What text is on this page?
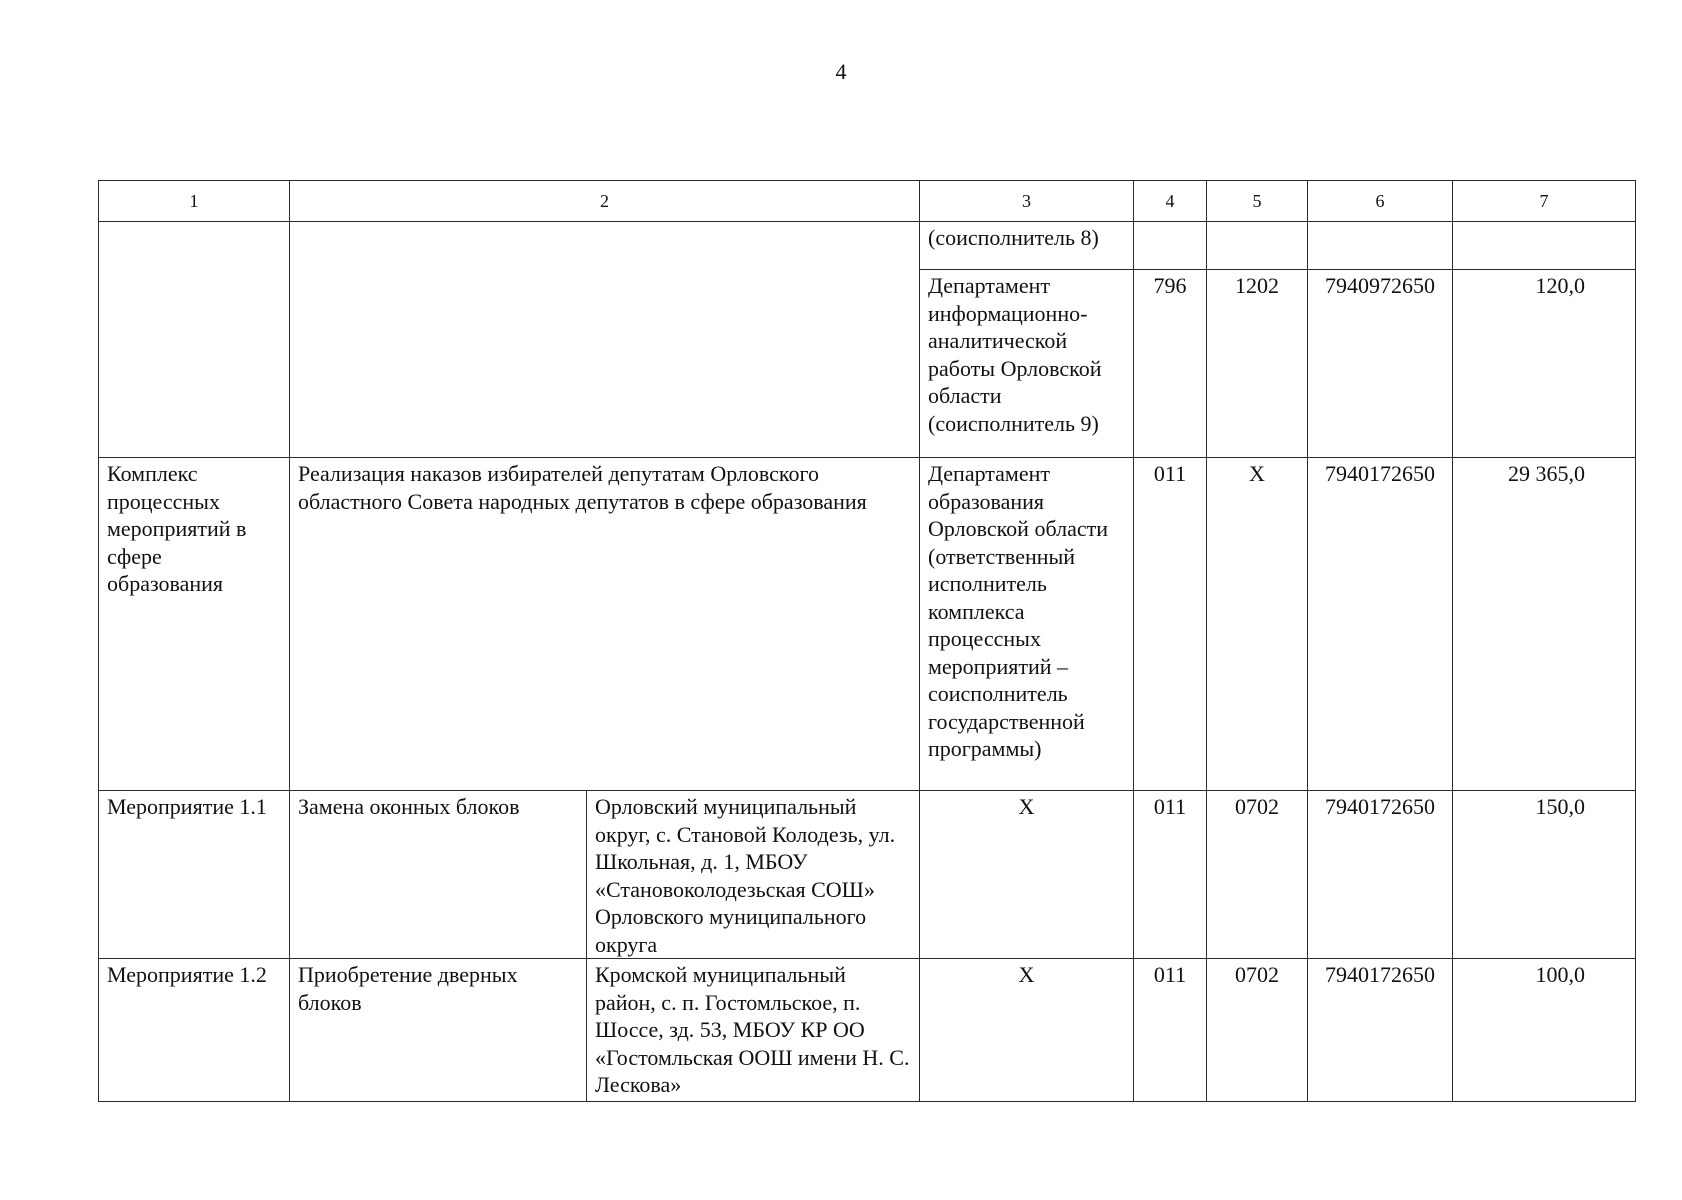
4
1	2		3	4	5	6	7
			(соисполнитель 8)				
			Департамент информационно-аналитической работы Орловской области (соисполнитель 9)	796	1202	7940972650	120,0
Комплекс процессных мероприятий в сфере образования	Реализация наказов избирателей депутатам Орловского областного Совета народных депутатов в сфере образования		Департамент образования Орловской области (ответственный исполнитель комплекса процессных мероприятий – соисполнитель государственной программы)	011	X	7940172650	29 365,0
Мероприятие 1.1	Замена оконных блоков	Орловский муниципальный округ, с. Становой Колодезь, ул. Школьная, д. 1, МБОУ «Становоколодезьская СОШ» Орловского муниципального округа	X	011	0702	7940172650	150,0
Мероприятие 1.2	Приобретение дверных блоков	Кромской муниципальный район, с. п. Гостомльское, п. Шоссе, зд. 53, МБОУ КР ОО «Гостомльская ООШ имени Н. С. Лескова»	X	011	0702	7940172650	100,0
